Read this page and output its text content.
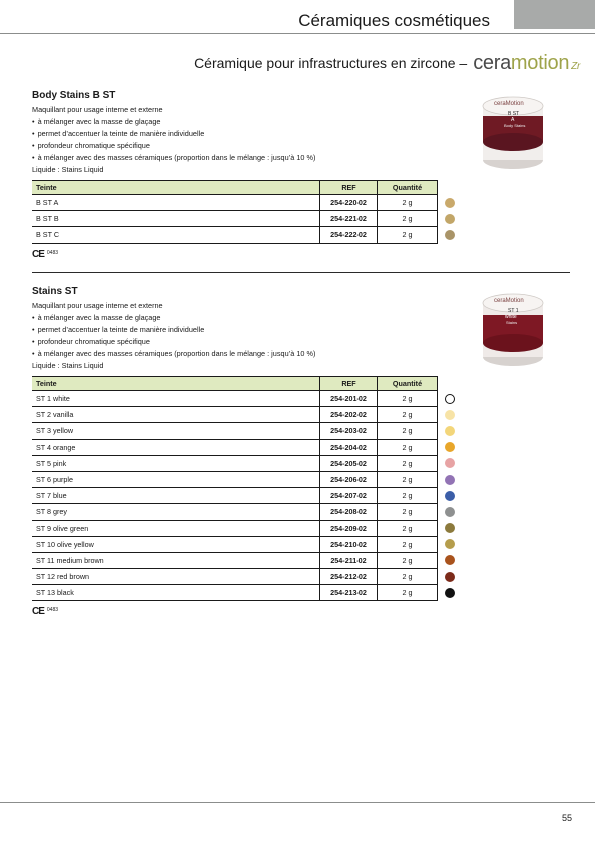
Céramiques cosmétiques
Céramique pour infrastructures en zircone – cera motion Zr
ceraMotion
B ST
A
Body Stains
Body Stains B ST
Maquillant pour usage interne et externe
• à mélanger avec la masse de glaçage
• permet d’accentuer la teinte de manière individuelle
• profondeur chromatique spécifique
• à mélanger avec des masses céramiques (proportion dans le mélange : jusqu’à 10 %)
Liquide : Stains Liquid
Teinte	REF	Quantité
B ST A	254-220-02	2 g
B ST B	254-221-02	2 g
B ST C	254-222-02	2 g
CE 0483
ceraMotion
ST 1
white
Stains
Stains ST
Maquillant pour usage interne et externe
• à mélanger avec la masse de glaçage
• permet d’accentuer la teinte de manière individuelle
• profondeur chromatique spécifique
• à mélanger avec des masses céramiques (proportion dans le mélange : jusqu’à 10 %)
Liquide : Stains Liquid
Teinte	REF	Quantité
ST 1 white	254-201-02	2 g
ST 2 vanilla	254-202-02	2 g
ST 3 yellow	254-203-02	2 g
ST 4 orange	254-204-02	2 g
ST 5 pink	254-205-02	2 g
ST 6 purple	254-206-02	2 g
ST 7 blue	254-207-02	2 g
ST 8 grey	254-208-02	2 g
ST 9 olive green	254-209-02	2 g
ST 10 olive yellow	254-210-02	2 g
ST 11 medium brown	254-211-02	2 g
ST 12 red brown	254-212-02	2 g
ST 13 black	254-213-02	2 g
CE 0483
55
